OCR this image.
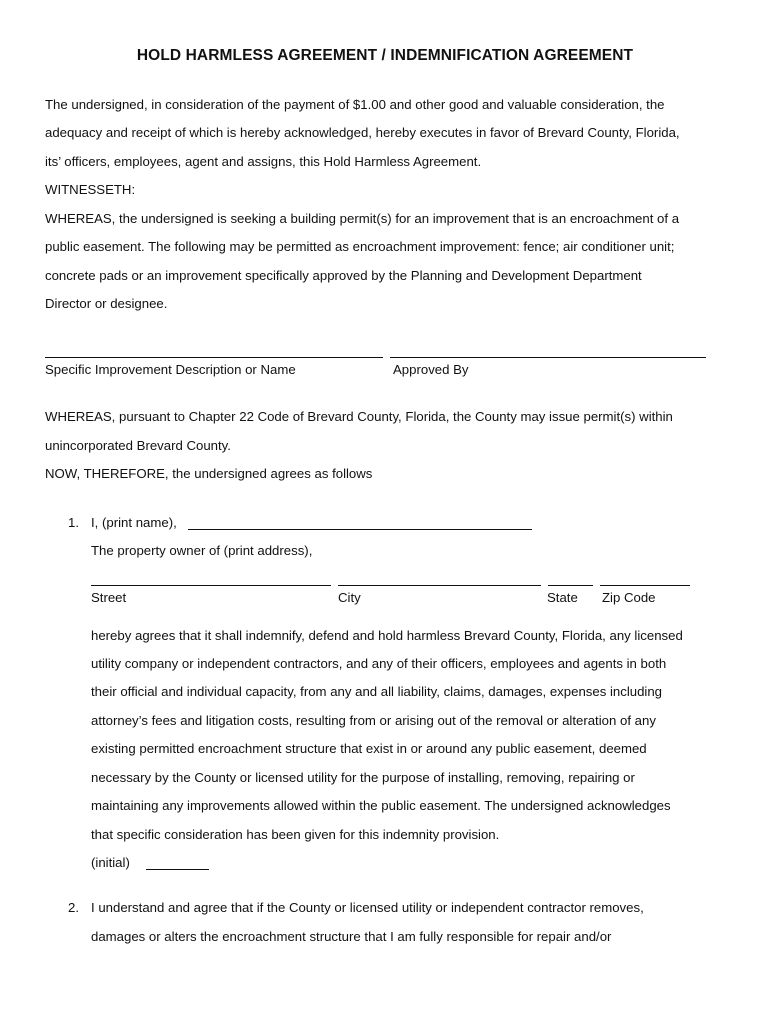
HOLD HARMLESS AGREEMENT / INDEMNIFICATION AGREEMENT
The undersigned, in consideration of the payment of $1.00 and other good and valuable consideration, the
adequacy and receipt of which is hereby acknowledged, hereby executes in favor of Brevard County, Florida,
its’ officers, employees, agent and assigns, this Hold Harmless Agreement.
WITNESSETH:
WHEREAS, the undersigned is seeking a building permit(s) for an improvement that is an encroachment of a
public easement. The following may be permitted as encroachment improvement: fence; air conditioner unit;
concrete pads or an improvement specifically approved by the Planning and Development Department
Director or designee.
Specific Improvement Description or Name	Approved By
WHEREAS, pursuant to Chapter 22 Code of Brevard County, Florida, the County may issue permit(s) within
unincorporated Brevard County.
NOW, THEREFORE, the undersigned agrees as follows
1. I, (print name),
The property owner of (print address),
Street	City	State Zip Code
hereby agrees that it shall indemnify, defend and hold harmless Brevard County, Florida, any licensed
utility company or independent contractors, and any of their officers, employees and agents in both
their official and individual capacity, from any and all liability, claims, damages, expenses including
attorney’s fees and litigation costs, resulting from or arising out of the removal or alteration of any
existing permitted encroachment structure that exist in or around any public easement, deemed
necessary by the County or licensed utility for the purpose of installing, removing, repairing or
maintaining any improvements allowed within the public easement. The undersigned acknowledges
that specific consideration has been given for this indemnity provision.
(initial)
2. I understand and agree that if the County or licensed utility or independent contractor removes,
damages or alters the encroachment structure that I am fully responsible for repair and/or
